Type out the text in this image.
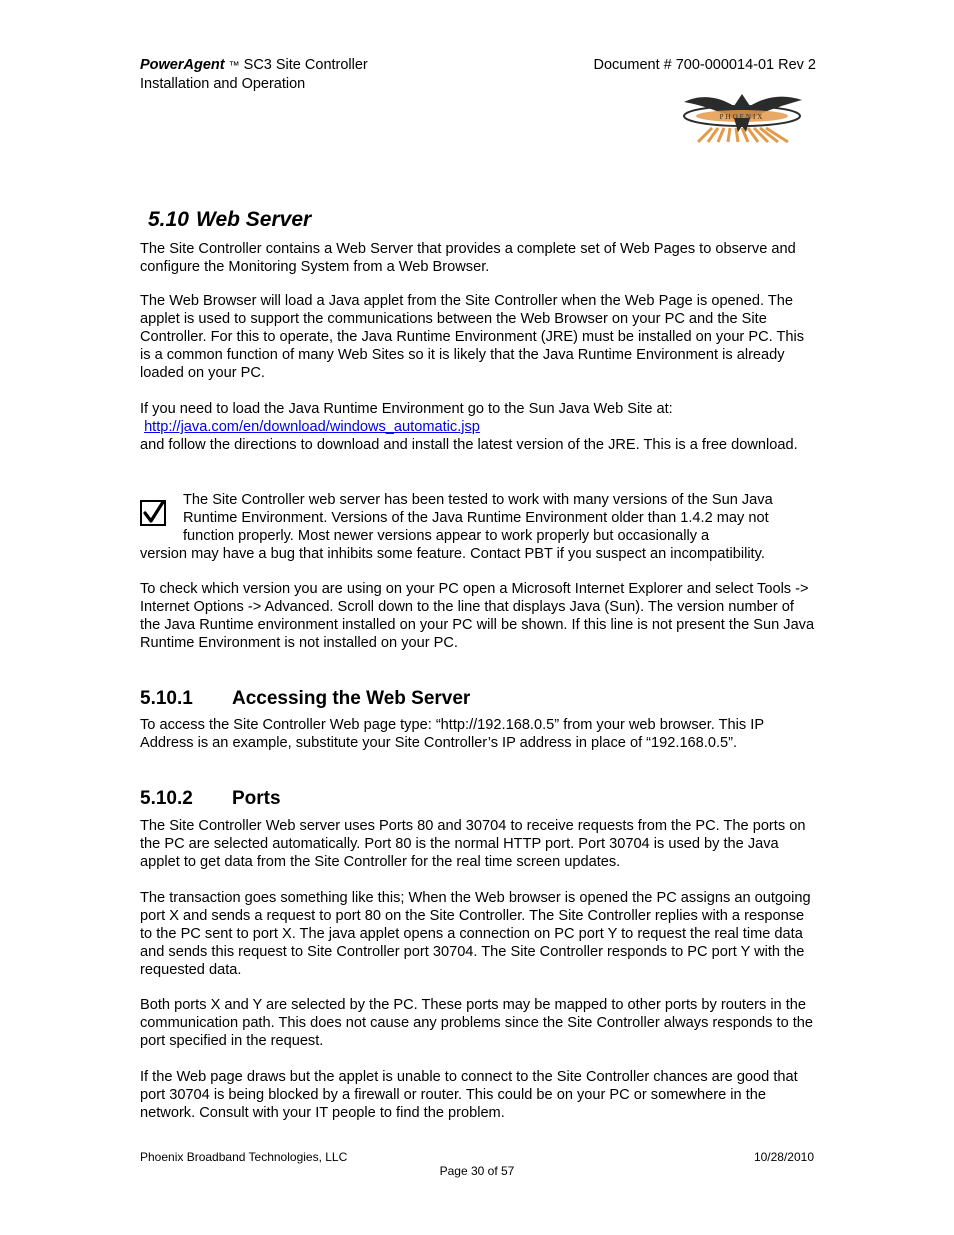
PowerAgent ™ SC3 Site Controller
Installation and Operation
Document # 700-000014-01 Rev 2
PHOENIX
5.10 Web Server

The Site Controller contains a Web Server that provides a complete set of Web Pages to observe and configure the Monitoring System from a Web Browser.

The Web Browser will load a Java applet from the Site Controller when the Web Page is opened. The applet is used to support the communications between the Web Browser on your PC and the Site Controller. For this to operate, the Java Runtime Environment (JRE) must be installed on your PC. This is a common function of many Web Sites so it is likely that the Java Runtime Environment is already loaded on your PC.

If you need to load the Java Runtime Environment go to the Sun Java Web Site at:
http://java.com/en/download/windows_automatic.jsp
and follow the directions to download and install the latest version of the JRE. This is a free download.

The Site Controller web server has been tested to work with many versions of the Sun Java Runtime Environment. Versions of the Java Runtime Environment older than 1.4.2 may not function properly. Most newer versions appear to work properly but occasionally a

version may have a bug that inhibits some feature. Contact PBT if you suspect an incompatibility.

To check which version you are using on your PC open a Microsoft Internet Explorer and select Tools -> Internet Options -> Advanced. Scroll down to the line that displays Java (Sun). The version number of the Java Runtime environment installed on your PC will be shown. If this line is not present the Sun Java Runtime Environment is not installed on your PC.

5.10.1 Accessing the Web Server

To access the Site Controller Web page type: “http://192.168.0.5” from your web browser. This IP Address is an example, substitute your Site Controller’s IP address in place of “192.168.0.5”.

5.10.2 Ports

The Site Controller Web server uses Ports 80 and 30704 to receive requests from the PC. The ports on the PC are selected automatically. Port 80 is the normal HTTP port. Port 30704 is used by the Java applet to get data from the Site Controller for the real time screen updates.

The transaction goes something like this; When the Web browser is opened the PC assigns an outgoing port X and sends a request to port 80 on the Site Controller. The Site Controller replies with a response to the PC sent to port X. The java applet opens a connection on PC port Y to request the real time data and sends this request to Site Controller port 30704. The Site Controller responds to PC port Y with the requested data.

Both ports X and Y are selected by the PC. These ports may be mapped to other ports by routers in the communication path. This does not cause any problems since the Site Controller always responds to the port specified in the request.

If the Web page draws but the applet is unable to connect to the Site Controller chances are good that port 30704 is being blocked by a firewall or router. This could be on your PC or somewhere in the network. Consult with your IT people to find the problem.

Phoenix Broadband Technologies, LLC	10/28/2010
Page 30 of 57
